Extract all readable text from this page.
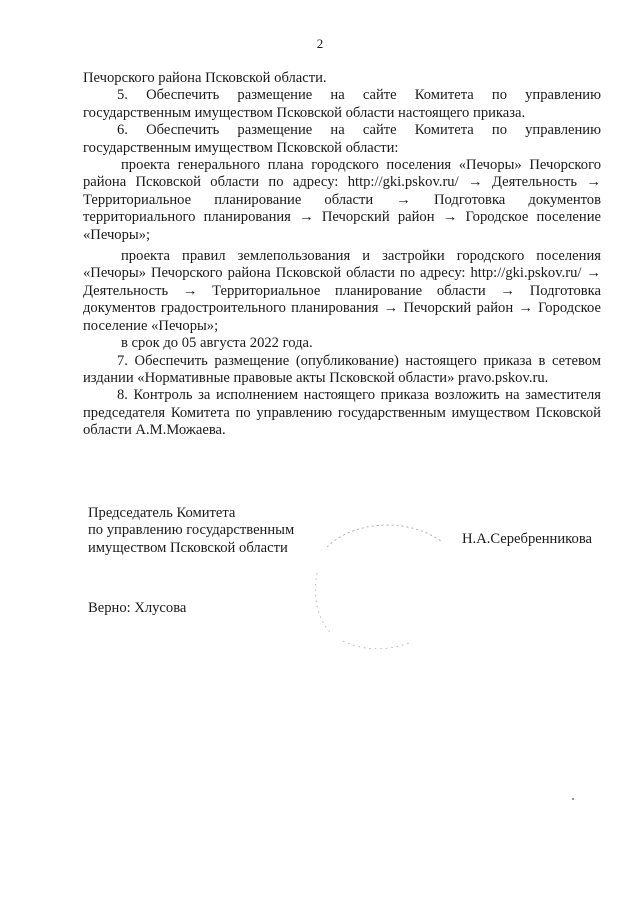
2

Печорского района Псковской области.

5. Обеспечить размещение на сайте Комитета по управлению государственным имуществом Псковской области настоящего приказа.

6. Обеспечить размещение на сайте Комитета по управлению государственным имуществом Псковской области:

проекта генерального плана городского поселения «Печоры» Печорского района Псковской области по адресу: http://gki.pskov.ru/ → Деятельность → Территориальное планирование области → Подготовка документов территориального планирования → Печорский район → Городское поселение «Печоры»;

проекта правил землепользования и застройки городского поселения «Печоры» Печорского района Псковской области по адресу: http://gki.pskov.ru/ → Деятельность → Территориальное планирование области → Подготовка документов градостроительного планирования → Печорский район → Городское поселение «Печоры»;

в срок до 05 августа 2022 года.

7. Обеспечить размещение (опубликование) настоящего приказа в сетевом издании «Нормативные правовые акты Псковской области» pravo.pskov.ru.

8. Контроль за исполнением настоящего приказа возложить на заместителя председателя Комитета по управлению государственным имуществом Псковской области А.М.Можаева.

Председатель Комитета
по управлению государственным
имуществом Псковской области
Н.А.Серебренникова
Верно: Хлусова
